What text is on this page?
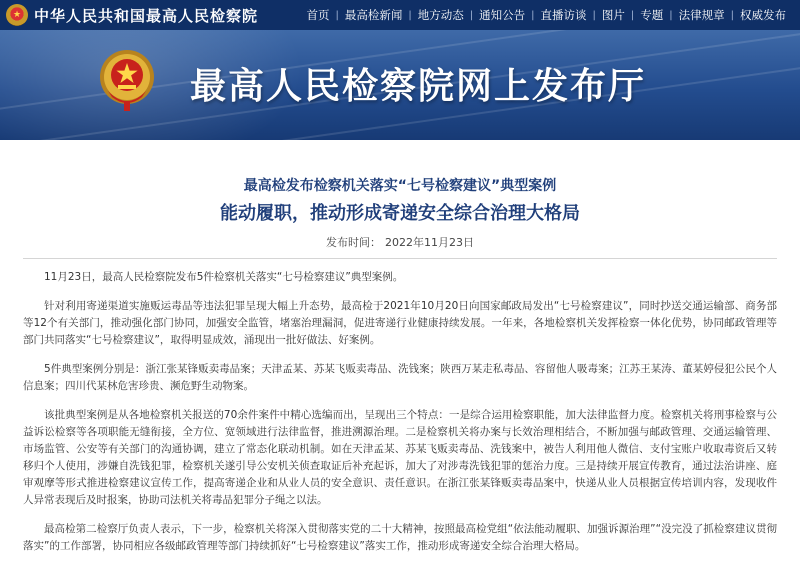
★ 中华人民共和国最高人民检察院	首页 | 最高检新闻 | 地方动态 | 通知公告 | 直播访谈 | 图片 | 专题 | 法律规章 | 权威发布
最高人民检察院网上发布厅
最高检发布检察机关落实“七号检察建议”典型案例
能动履职，推动形成寄递安全综合治理大格局
发布时间： 2022年11月23日

11月23日，最高人民检察院发布5件检察机关落实“七号检察建议”典型案例。

针对利用寄递渠道实施贩运毒品等违法犯罪呈现大幅上升态势，最高检于2021年10月20日向国家邮政局发出“七号检察建议”，同时抄送交通运输部、商务部等12个有关部门，推动强化部门协同，加强安全监管，堵塞治理漏洞，促进寄递行业健康持续发展。一年来，各地检察机关发挥检察一体化优势，协同邮政管理等部门共同落实“七号检察建议”，取得明显成效，涌现出一批好做法、好案例。

5件典型案例分别是：浙江张某锋贩卖毒品案；天津孟某、苏某飞贩卖毒品、洗钱案；陕西万某走私毒品、容留他人吸毒案；江苏王某涛、董某婷侵犯公民个人信息案；四川代某林危害珍贵、濒危野生动物案。

该批典型案例是从各地检察机关报送的70余件案件中精心选编而出，呈现出三个特点：一是综合运用检察职能，加大法律监督力度。检察机关将刑事检察与公益诉讼检察等各项职能无缝衔接，全方位、宽领域进行法律监督，推进溯源治理。二是检察机关将办案与长效治理相结合，不断加强与邮政管理、交通运输管理、市场监管、公安等有关部门的沟通协调，建立了常态化联动机制。如在天津孟某、苏某飞贩卖毒品、洗钱案中，被告人利用他人微信、支付宝账户收取毒资后又转移归个人使用，涉嫌自洗钱犯罪，检察机关遂引导公安机关侦查取证后补充起诉，加大了对涉毒洗钱犯罪的惩治力度。三是持续开展宣传教育，通过法治讲座、庭审观摩等形式推进检察建议宣传工作，提高寄递企业和从业人员的安全意识、责任意识。在浙江张某锋贩卖毒品案中，快递从业人员根据宣传培训内容，发现收件人异常表现后及时报案，协助司法机关将毒品犯罪分子绳之以法。

最高检第二检察厅负责人表示，下一步，检察机关将深入贯彻落实党的二十大精神，按照最高检党组“依法能动履职、加强诉源治理”“没完没了抓检察建议贯彻落实”的工作部署，协同相应各级邮政管理等部门持续抓好“七号检察建议”落实工作，推动形成寄递安全综合治理大格局。
